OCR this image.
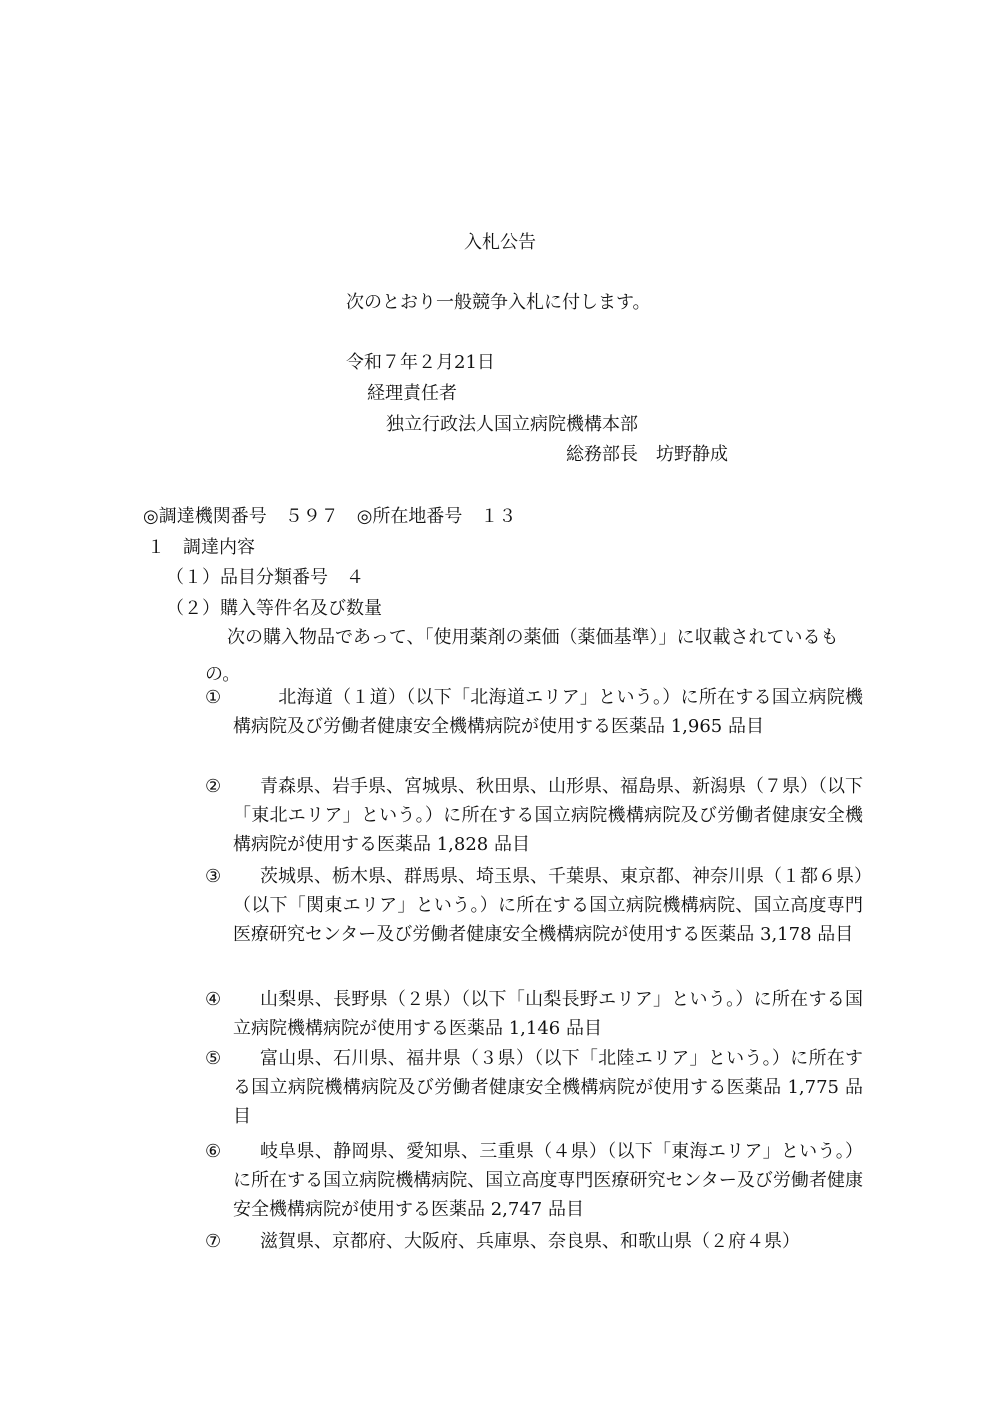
入札公告
次のとおり一般競争入札に付します。
令和７年２月21日
経理責任者
独立行政法人国立病院機構本部
総務部長　坊野静成
◎調達機関番号　５９７　◎所在地番号　１３
１　調達内容
（１）品目分類番号　４
（２）購入等件名及び数量
次の購入物品であって、「使用薬剤の薬価（薬価基準）」に収載されているもの。
①	　北海道（１道）（以下「北海道エリア」という。）に所在する国立病院機構病院及び労働者健康安全機構病院が使用する医薬品 1,965 品目
②	青森県、岩手県、宮城県、秋田県、山形県、福島県、新潟県（７県）（以下「東北エリア」という。）に所在する国立病院機構病院及び労働者健康安全機構病院が使用する医薬品 1,828 品目
③	茨城県、栃木県、群馬県、埼玉県、千葉県、東京都、神奈川県（１都６県）（以下「関東エリア」という。）に所在する国立病院機構病院、国立高度専門医療研究センター及び労働者健康安全機構病院が使用する医薬品 3,178 品目
④	山梨県、長野県（２県）（以下「山梨長野エリア」という。）に所在する国立病院機構病院が使用する医薬品 1,146 品目
⑤	富山県、石川県、福井県（３県）（以下「北陸エリア」という。）に所在する国立病院機構病院及び労働者健康安全機構病院が使用する医薬品 1,775 品目
⑥	岐阜県、静岡県、愛知県、三重県（４県）（以下「東海エリア」という。）に所在する国立病院機構病院、国立高度専門医療研究センター及び労働者健康安全機構病院が使用する医薬品 2,747 品目
⑦	滋賀県、京都府、大阪府、兵庫県、奈良県、和歌山県（２府４県）
